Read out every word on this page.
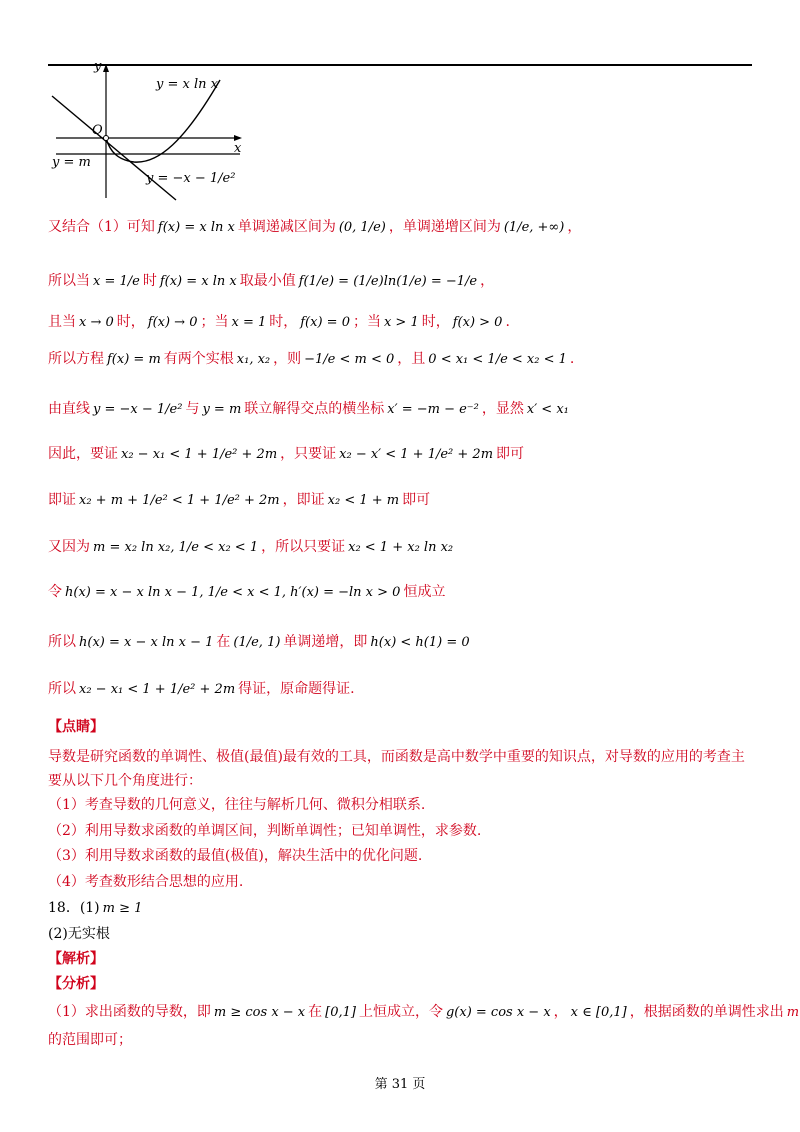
y
x
O
y = x ln x
y = m
y = −x − 1/e²
又结合（1）可知 f(x) = x ln x 单调递减区间为 (0, 1/e) ，单调递增区间为 (1/e, +∞) ，
所以当 x = 1/e 时 f(x) = x ln x 取最小值 f(1/e) = (1/e)ln(1/e) = −1/e ，
且当 x → 0 时， f(x) → 0 ；当 x = 1 时， f(x) = 0 ；当 x > 1 时， f(x) > 0 .
所以方程 f(x) = m 有两个实根 x₁, x₂ ，则 −1/e < m < 0 ，且 0 < x₁ < 1/e < x₂ < 1 .
由直线 y = −x − 1/e² 与 y = m 联立解得交点的横坐标 x′ = −m − e⁻² ，显然 x′ < x₁
因此，要证 x₂ − x₁ < 1 + 1/e² + 2m ，只要证 x₂ − x′ < 1 + 1/e² + 2m 即可
即证 x₂ + m + 1/e² < 1 + 1/e² + 2m ，即证 x₂ < 1 + m 即可
又因为 m = x₂ ln x₂, 1/e < x₂ < 1 ，所以只要证 x₂ < 1 + x₂ ln x₂
令 h(x) = x − x ln x − 1, 1/e < x < 1, h′(x) = −ln x > 0 恒成立
所以 h(x) = x − x ln x − 1 在 (1/e, 1) 单调递增，即 h(x) < h(1) = 0
所以 x₂ − x₁ < 1 + 1/e² + 2m 得证，原命题得证.
【点睛】
导数是研究函数的单调性、极值(最值)最有效的工具，而函数是高中数学中重要的知识点，对导数的应用的考查主要从以下几个角度进行：
（1）考查导数的几何意义，往往与解析几何、微积分相联系.
（2）利用导数求函数的单调区间，判断单调性；已知单调性，求参数.
（3）利用导数求函数的最值(极值)，解决生活中的优化问题.
（4）考查数形结合思想的应用.
18．(1) m ≥ 1
(2)无实根
【解析】
【分析】
（1）求出函数的导数，即 m ≥ cos x − x 在 [0,1] 上恒成立，令 g(x) = cos x − x ， x ∈ [0,1] ，根据函数的单调性求出 m
的范围即可；
第 31 页
